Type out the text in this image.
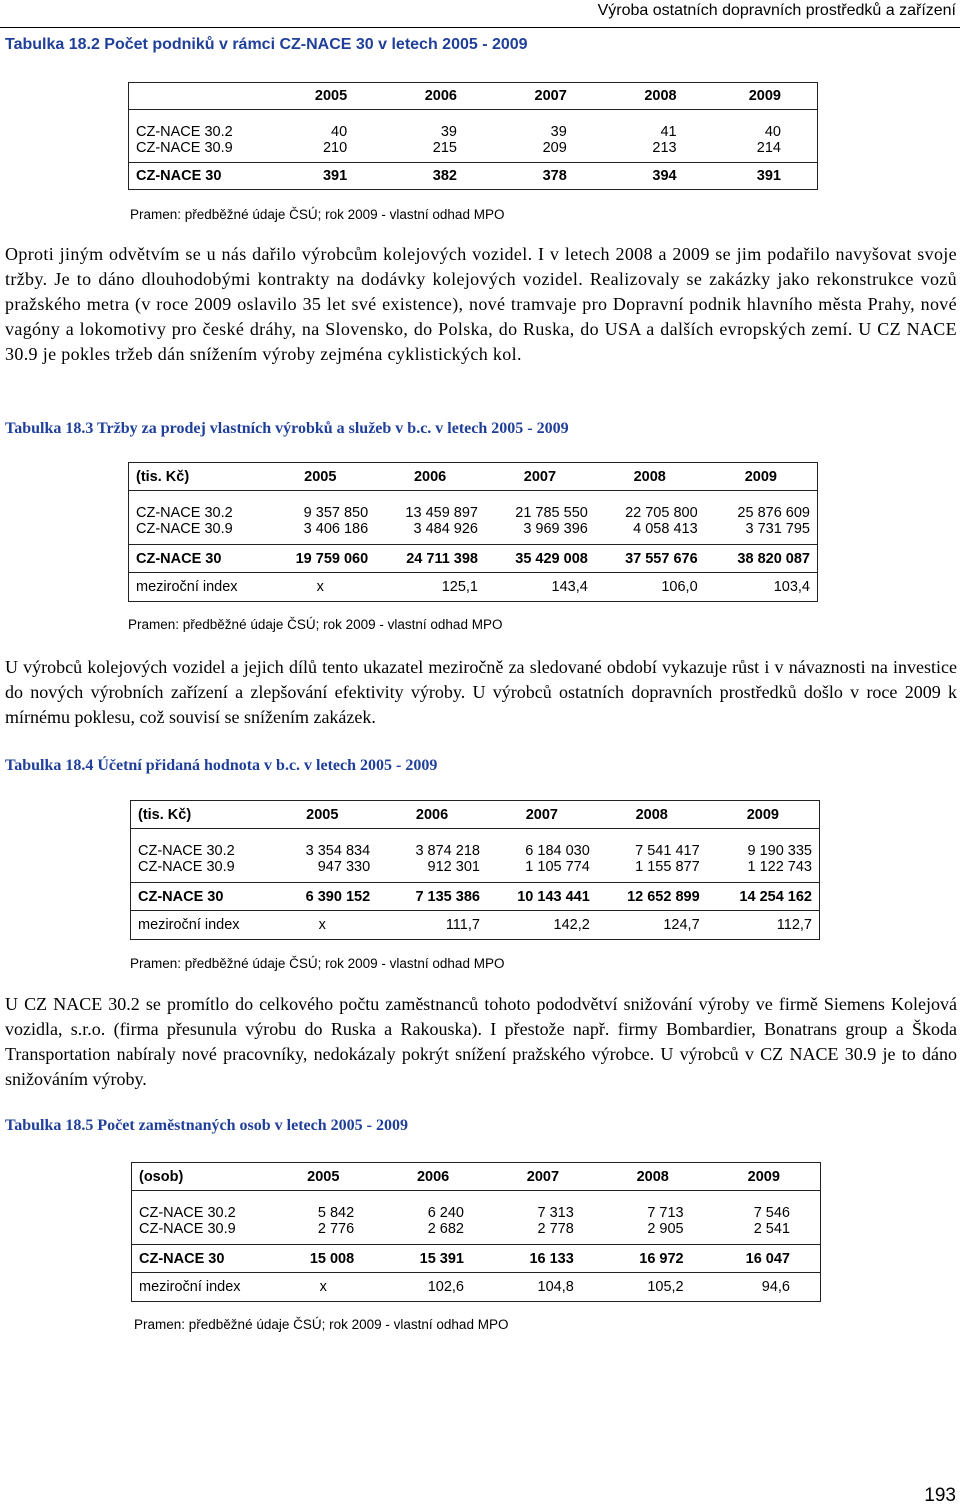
Výroba ostatních dopravních prostředků a zařízení
Tabulka 18.2 Počet podniků v rámci CZ-NACE 30 v letech 2005 - 2009
	2005	2006	2007	2008	2009
CZ-NACE 30.2	40	39	39	41	40
CZ-NACE 30.9	210	215	209	213	214
CZ-NACE 30	391	382	378	394	391
Pramen: předběžné údaje ČSÚ; rok 2009 - vlastní odhad MPO
Oproti jiným odvětvím se u nás dařilo výrobcům kolejových vozidel. I v letech 2008 a 2009 se jim podařilo navyšovat svoje tržby. Je to dáno dlouhodobými kontrakty na dodávky kolejových vozidel. Realizovaly se zakázky jako rekonstrukce vozů pražského metra (v roce 2009 oslavilo 35 let své existence), nové tramvaje pro Dopravní podnik hlavního města Prahy, nové vagóny a lokomotivy pro české dráhy, na Slovensko, do Polska, do Ruska, do USA a dalších evropských zemí. U CZ NACE 30.9 je pokles tržeb dán snížením výroby zejména cyklistických kol.
Tabulka 18.3 Tržby za prodej vlastních výrobků a služeb v b.c. v letech 2005 - 2009
(tis. Kč)	2005	2006	2007	2008	2009
CZ-NACE 30.2	9 357 850	13 459 897	21 785 550	22 705 800	25 876 609
CZ-NACE 30.9	3 406 186	3 484 926	3 969 396	4 058 413	3 731 795
CZ-NACE 30	19 759 060	24 711 398	35 429 008	37 557 676	38 820 087
meziroční index	x	125,1	143,4	106,0	103,4
Pramen: předběžné údaje ČSÚ; rok 2009 - vlastní odhad MPO
U výrobců kolejových vozidel a jejich dílů tento ukazatel meziročně za sledované období vykazuje růst i v návaznosti na investice do nových výrobních zařízení a zlepšování efektivity výroby. U výrobců ostatních dopravních prostředků došlo v roce 2009 k mírnému poklesu, což souvisí se snížením zakázek.
Tabulka 18.4 Účetní přidaná hodnota v b.c. v letech 2005 - 2009
(tis. Kč)	2005	2006	2007	2008	2009
CZ-NACE 30.2	3 354 834	3 874 218	6 184 030	7 541 417	9 190 335
CZ-NACE 30.9	947 330	912 301	1 105 774	1 155 877	1 122 743
CZ-NACE 30	6 390 152	7 135 386	10 143 441	12 652 899	14 254 162
meziroční index	x	111,7	142,2	124,7	112,7
Pramen: předběžné údaje ČSÚ; rok 2009 - vlastní odhad MPO
U CZ NACE 30.2 se promítlo do celkového počtu zaměstnanců tohoto pododvětví snižování výroby ve firmě Siemens Kolejová vozidla, s.r.o. (firma přesunula výrobu do Ruska a Rakouska). I přestože např. firmy Bombardier, Bonatrans group a Škoda Transportation nabíraly nové pracovníky, nedokázaly pokrýt snížení pražského výrobce. U výrobců v CZ NACE 30.9 je to dáno snižováním výroby.
Tabulka 18.5 Počet zaměstnaných osob v letech 2005 - 2009
(osob)	2005	2006	2007	2008	2009
CZ-NACE 30.2	5 842	6 240	7 313	7 713	7 546
CZ-NACE 30.9	2 776	2 682	2 778	2 905	2 541
CZ-NACE 30	15 008	15 391	16 133	16 972	16 047
meziroční index	x	102,6	104,8	105,2	94,6
Pramen: předběžné údaje ČSÚ; rok 2009 - vlastní odhad MPO
193
